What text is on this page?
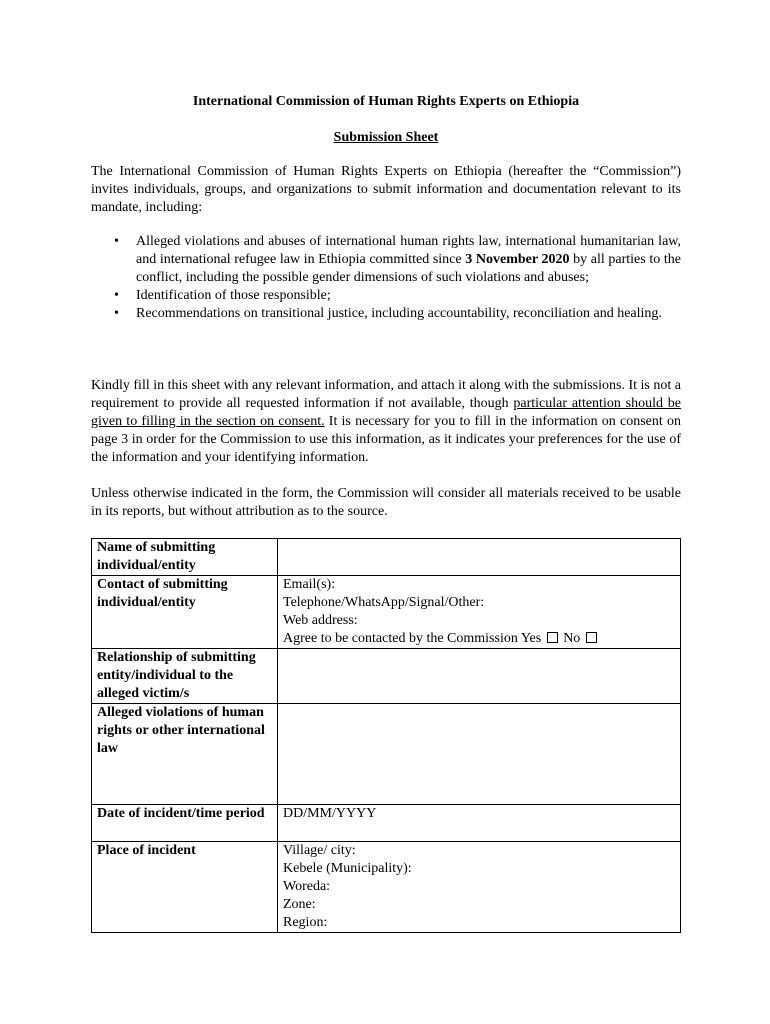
International Commission of Human Rights Experts on Ethiopia
Submission Sheet
The International Commission of Human Rights Experts on Ethiopia (hereafter the “Commission”) invites individuals, groups, and organizations to submit information and documentation relevant to its mandate, including:
• Alleged violations and abuses of international human rights law, international humanitarian law, and international refugee law in Ethiopia committed since 3 November 2020 by all parties to the conflict, including the possible gender dimensions of such violations and abuses;
• Identification of those responsible;
• Recommendations on transitional justice, including accountability, reconciliation and healing.
Kindly fill in this sheet with any relevant information, and attach it along with the submissions. It is not a requirement to provide all requested information if not available, though particular attention should be given to filling in the section on consent. It is necessary for you to fill in the information on consent on page 3 in order for the Commission to use this information, as it indicates your preferences for the use of the information and your identifying information.
Unless otherwise indicated in the form, the Commission will consider all materials received to be usable in its reports, but without attribution as to the source.
Name of submitting individual/entity	
Contact of submitting individual/entity	Email(s):
Telephone/WhatsApp/Signal/Other:
Web address:
Agree to be contacted by the Commission Yes No

Relationship of submitting entity/individual to the alleged victim/s	
Alleged violations of human rights or other international law	
Date of incident/time period	DD/MM/YYYY
Place of incident	Village/ city:
Kebele (Municipality):
Woreda:
Zone:
Region:
